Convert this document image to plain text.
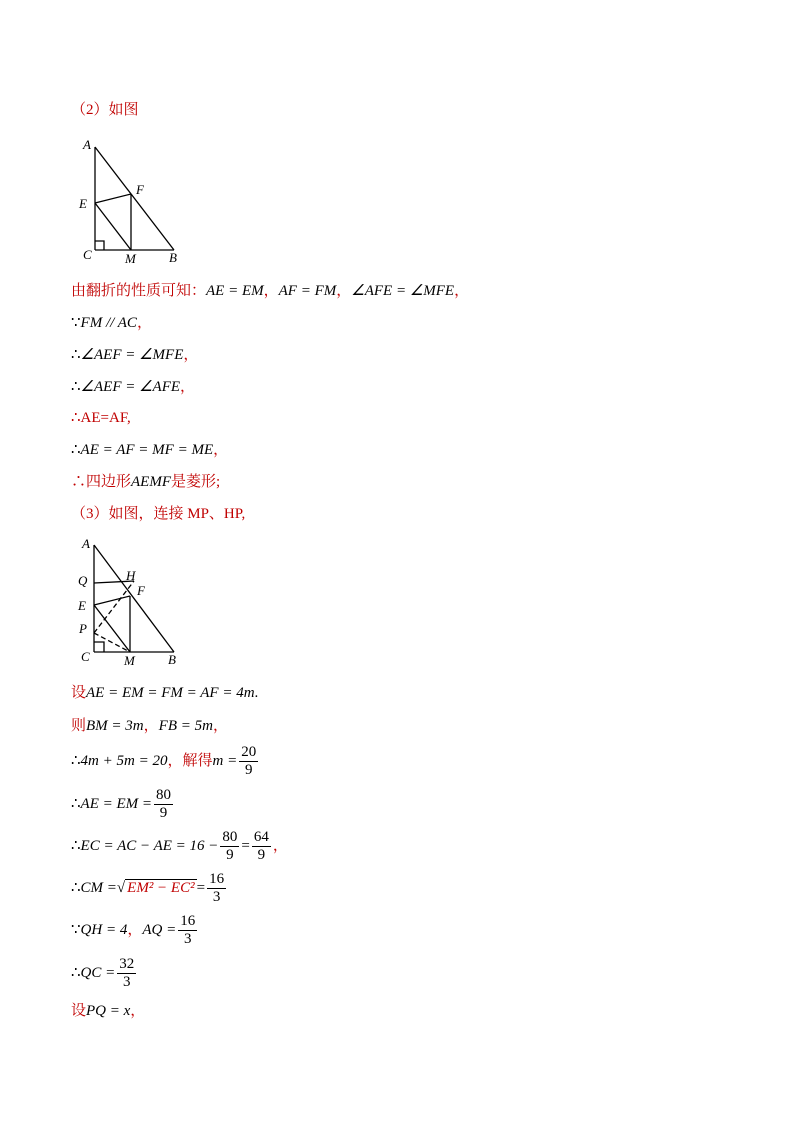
（2）如图
A
E
F
C	M	B
由翻折的性质可知：AE = EM，AF = FM，∠AFE = ∠MFE，
∵FM // AC，
∴∠AEF = ∠MFE，
∴∠AEF = ∠AFE，
∴AE=AF,
∴AE = AF = MF = ME，
∴四边形AEMF是菱形;
（3）如图，连接 MP、HP,
A
Q	H
F
E
P
C	M	B
设AE = EM = FM = AF = 4m.
则BM = 3m，FB = 5m，
∴4m + 5m = 20，解得$m = \frac{20}{9}$
∴AE = EM = $\frac{80}{9}$
∴EC = AC − AE = $16 - \frac{80}{9} = \frac{64}{9}$ ，
∴CM =√ $EM^2 - EC^2 = \frac{16}{3}$
∵QH = 4，AQ = $\frac{16}{3}$
∴QC = $\frac{32}{3}$
设PQ = x，
